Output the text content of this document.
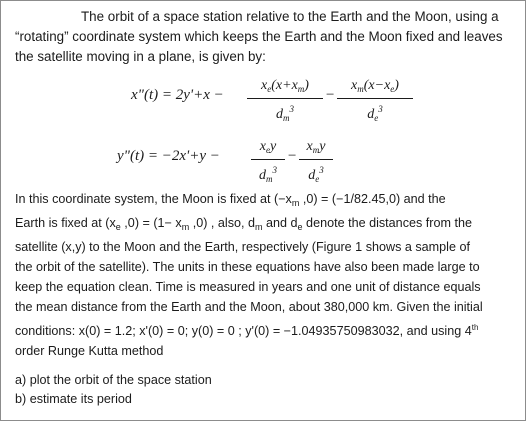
The orbit of a space station relative to the Earth and the Moon, using a
“rotating” coordinate system which keeps the Earth and the Moon fixed and leaves
the satellite moving in a plane, is given by:
x"(t) = 2y'+x −
$x_e(x+x_m)$
$d_m^3$
−
$x_m(x-x_e)$
$d_e^3$
y"(t) = −2x'+y −
$x_ey$
$d_m^3$
−
$x_my$
$d_e^3$
In this coordinate system, the Moon is fixed at ($-x_m$ ,0) = (−1/82.45,0) and the
Earth is fixed at ($x_e$ $,0) = (1- x_m$ ,0) , also, $d_m$ and $d_e$ denote the distances from the
satellite (x,y) to the Moon and the Earth, respectively (Figure 1 shows a sample of
the orbit of the satellite). The units in these equations have also been made large to
keep the equation clean. Time is measured in years and one unit of distance equals
the mean distance from the Earth and the Moon, about 380,000 km. Given the initial
conditions: x(0) = 1.2; x'(0) = 0; y(0) = 0 ; y'(0) = −1.04935750983032, and using 4th
order Runge Kutta method
a) plot the orbit of the space station
b) estimate its period
